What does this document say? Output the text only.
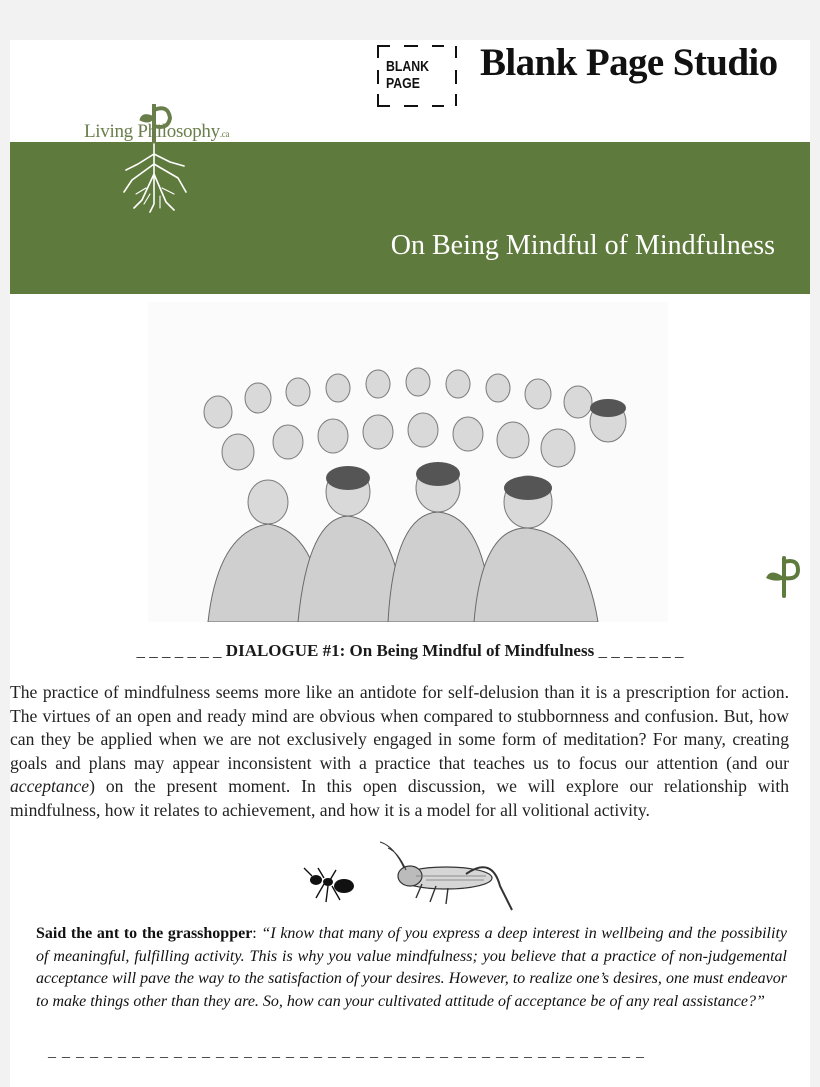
BLANK
PAGE Blank Page Studio
On Being Mindful of Mindfulness
Living Philosophy.ca
_ _ _ _ _ _ _ DIALOGUE #1: On Being Mindful of Mindfulness _ _ _ _ _ _ _
The practice of mindfulness seems more like an antidote for self-delusion than it is a prescription for action. The virtues of an open and ready mind are obvious when compared to stubbornness and confusion. But, how can they be applied when we are not exclusively engaged in some form of meditation? For many, creating goals and plans may appear inconsistent with a practice that teaches us to focus our attention (and our acceptance) on the present moment. In this open discussion, we will explore our relationship with mindfulness, how it relates to achievement, and how it is a model for all volitional activity.
Said the ant to the grasshopper: “I know that many of you express a deep interest in wellbeing and the possibility of meaningful, fulfilling activity. This is why you value mindfulness; you believe that a practice of non-judgemental acceptance will pave the way to the satisfaction of your desires. However, to realize one’s desires, one must endeavor to make things other than they are. So, how can your cultivated attitude of acceptance be of any real assistance?”
_ _ _ _ _ _ _ _ _ _ _ _ _ _ _ _ _ _ _ _ _ _ _ _ _ _ _ _ _ _ _ _ _ _ _ _ _ _ _ _ _ _ _
